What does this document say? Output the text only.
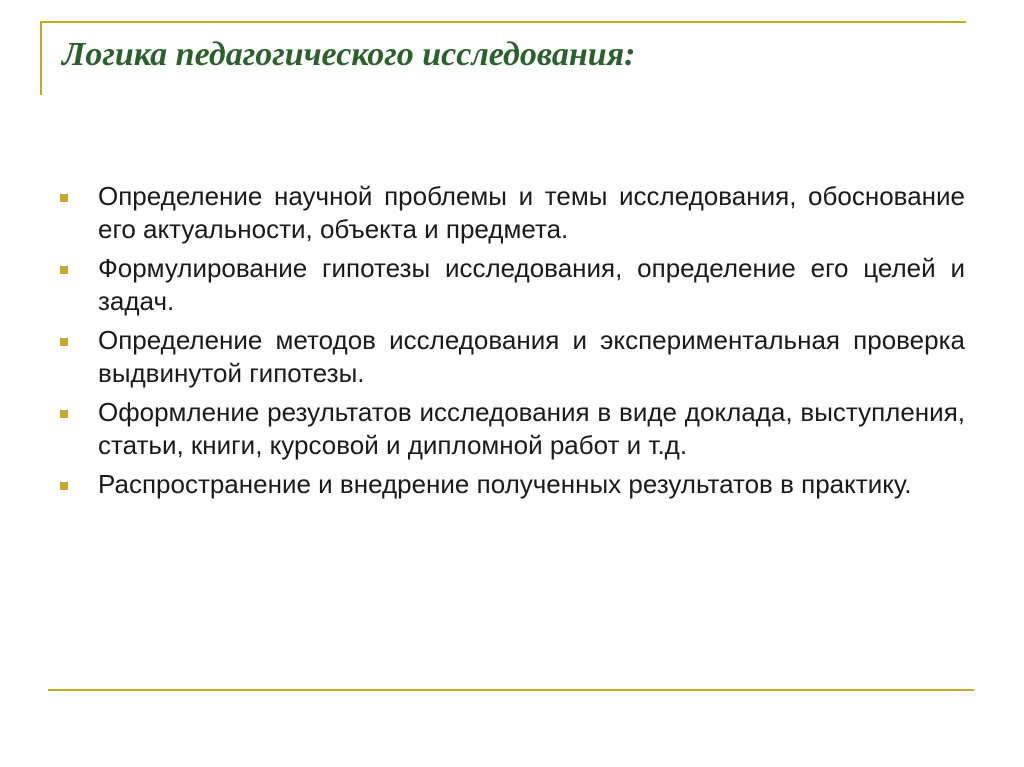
Логика педагогического исследования:
Определение научной проблемы и темы исследования, обоснование его актуальности, объекта и предмета.
Формулирование гипотезы исследования, определение его целей и задач.
Определение методов исследования и экспериментальная проверка выдвинутой гипотезы.
Оформление результатов исследования в виде доклада, выступления, статьи, книги, курсовой и дипломной работ и т.д.
Распространение и внедрение полученных результатов в практику.
